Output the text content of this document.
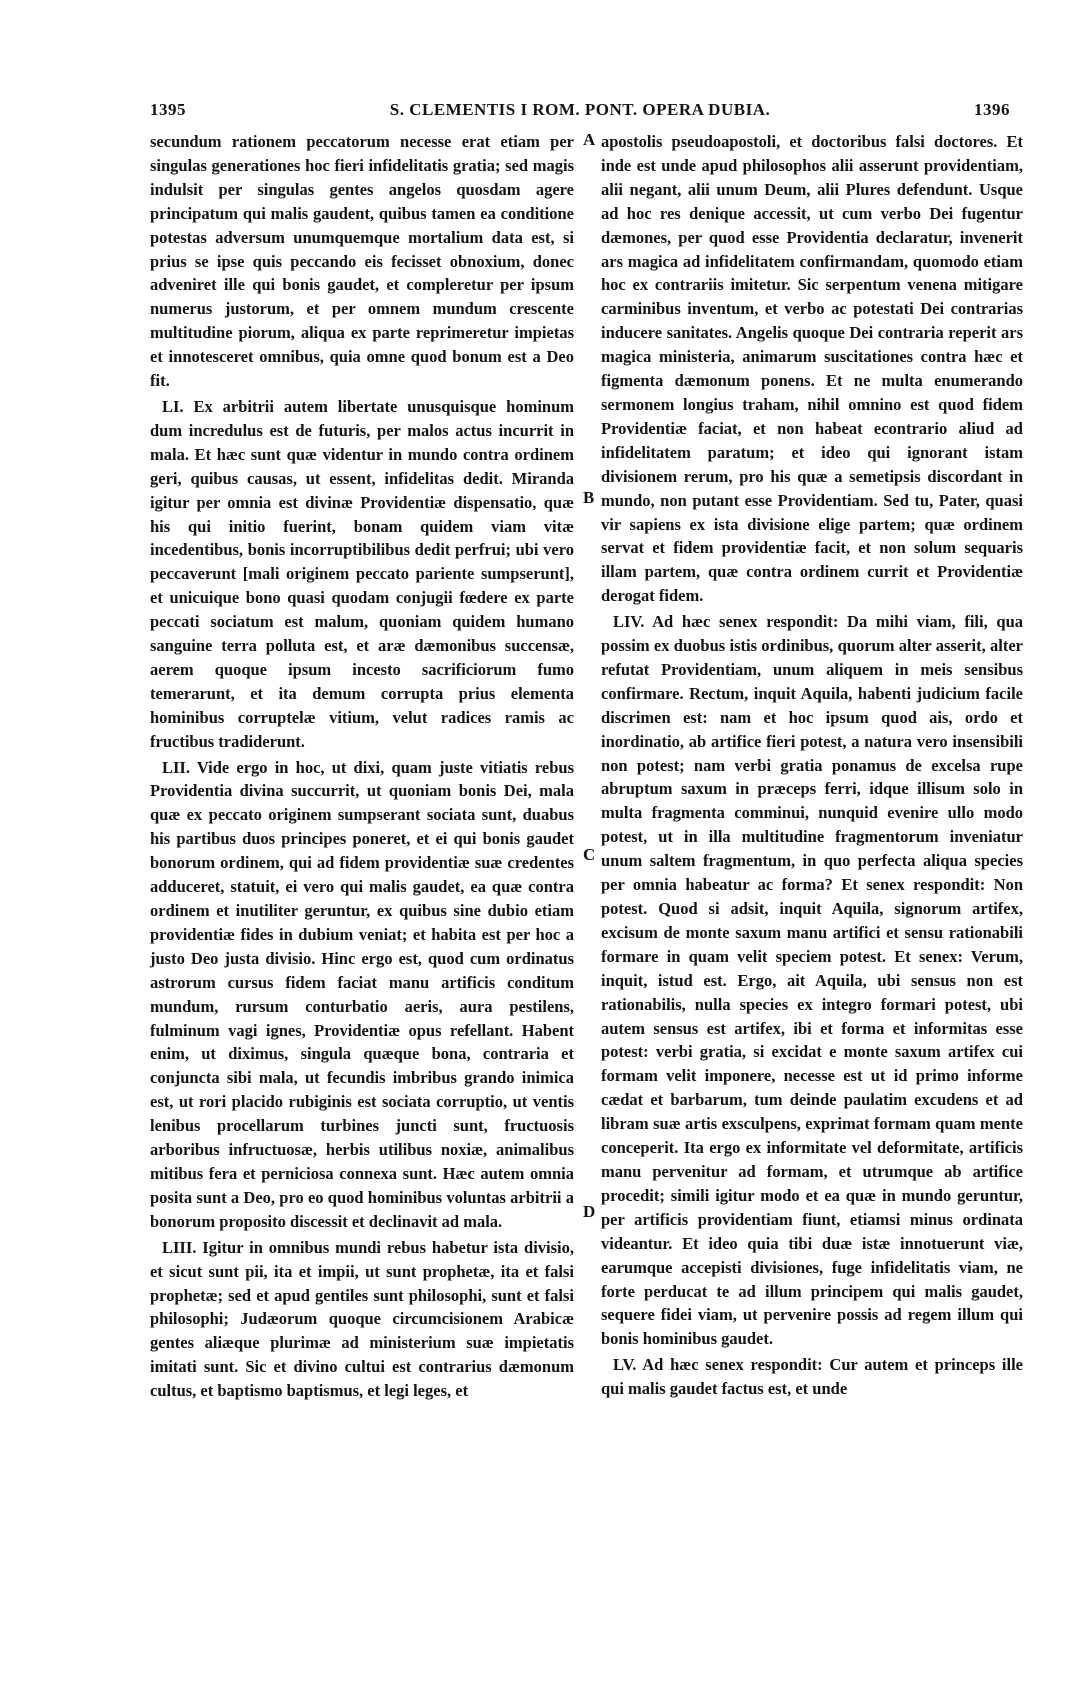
1395	S. CLEMENTIS I ROM. PONT. OPERA DUBIA.	1396
A
B
C
D

secundum rationem peccatorum necesse erat etiam per singulas generationes hoc fieri infidelitatis gratia; sed magis indulsit per singulas gentes angelos quosdam agere principatum qui malis gaudent, quibus tamen ea conditione potestas adversum unumquemque mortalium data est, si prius se ipse quis peccando eis fecisset obnoxium, donec adveniret ille qui bonis gaudet, et compleretur per ipsum numerus justorum, et per omnem mundum crescente multitudine piorum, aliqua ex parte reprimeretur impietas et innotesceret omnibus, quia omne quod bonum est a Deo fit.

LI. Ex arbitrii autem libertate unusquisque hominum dum incredulus est de futuris, per malos actus incurrit in mala. Et hæc sunt quæ videntur in mundo contra ordinem geri, quibus causas, ut essent, infidelitas dedit. Miranda igitur per omnia est divinæ Providentiæ dispensatio, quæ his qui initio fuerint, bonam quidem viam vitæ incedentibus, bonis incorruptibilibus dedit perfrui; ubi vero peccaverunt [mali originem peccato pariente sumpserunt], et unicuique bono quasi quodam conjugii fœdere ex parte peccati sociatum est malum, quoniam quidem humano sanguine terra polluta est, et aræ dæmonibus succensæ, aerem quoque ipsum incesto sacrificiorum fumo temerarunt, et ita demum corrupta prius elementa hominibus corruptelæ vitium, velut radices ramis ac fructibus tradiderunt.

LII. Vide ergo in hoc, ut dixi, quam juste vitiatis rebus Providentia divina succurrit, ut quoniam bonis Dei, mala quæ ex peccato originem sumpserant sociata sunt, duabus his partibus duos principes poneret, et ei qui bonis gaudet bonorum ordinem, qui ad fidem providentiæ suæ credentes adduceret, statuit, ei vero qui malis gaudet, ea quæ contra ordinem et inutiliter geruntur, ex quibus sine dubio etiam providentiæ fides in dubium veniat; et habita est per hoc a justo Deo justa divisio. Hinc ergo est, quod cum ordinatus astrorum cursus fidem faciat manu artificis conditum mundum, rursum conturbatio aeris, aura pestilens, fulminum vagi ignes, Providentiæ opus refellant. Habent enim, ut diximus, singula quæque bona, contraria et conjuncta sibi mala, ut fecundis imbribus grando inimica est, ut rori placido rubiginis est sociata corruptio, ut ventis lenibus procellarum turbines juncti sunt, fructuosis arboribus infructuosæ, herbis utilibus noxiæ, animalibus mitibus fera et perniciosa connexa sunt. Hæc autem omnia posita sunt a Deo, pro eo quod hominibus voluntas arbitrii a bonorum proposito discessit et declinavit ad mala.

LIII. Igitur in omnibus mundi rebus habetur ista divisio, et sicut sunt pii, ita et impii, ut sunt prophetæ, ita et falsi prophetæ; sed et apud gentiles sunt philosophi, sunt et falsi philosophi; Judæorum quoque circumcisionem Arabicæ gentes aliæque plurimæ ad ministerium suæ impietatis imitati sunt. Sic et divino cultui est contrarius dæmonum cultus, et baptismo baptismus, et legi leges, et

apostolis pseudoapostoli, et doctoribus falsi doctores. Et inde est unde apud philosophos alii asserunt providentiam, alii negant, alii unum Deum, alii Plures defendunt. Usque ad hoc res denique accessit, ut cum verbo Dei fugentur dæmones, per quod esse Providentia declaratur, invenerit ars magica ad infidelitatem confirmandam, quomodo etiam hoc ex contrariis imitetur. Sic serpentum venena mitigare carminibus inventum, et verbo ac potestati Dei contrarias inducere sanitates. Angelis quoque Dei contraria reperit ars magica ministeria, animarum suscitationes contra hæc et figmenta dæmonum ponens. Et ne multa enumerando sermonem longius traham, nihil omnino est quod fidem Providentiæ faciat, et non habeat econtrario aliud ad infidelitatem paratum; et ideo qui ignorant istam divisionem rerum, pro his quæ a semetipsis discordant in mundo, non putant esse Providentiam. Sed tu, Pater, quasi vir sapiens ex ista divisione elige partem; quæ ordinem servat et fidem providentiæ facit, et non solum sequaris illam partem, quæ contra ordinem currit et Providentiæ derogat fidem.

LIV. Ad hæc senex respondit: Da mihi viam, fili, qua possim ex duobus istis ordinibus, quorum alter asserit, alter refutat Providentiam, unum aliquem in meis sensibus confirmare. Rectum, inquit Aquila, habenti judicium facile discrimen est: nam et hoc ipsum quod ais, ordo et inordinatio, ab artifice fieri potest, a natura vero insensibili non potest; nam verbi gratia ponamus de excelsa rupe abruptum saxum in præceps ferri, idque illisum solo in multa fragmenta comminui, nunquid evenire ullo modo potest, ut in illa multitudine fragmentorum inveniatur unum saltem fragmentum, in quo perfecta aliqua species per omnia habeatur ac forma? Et senex respondit: Non potest. Quod si adsit, inquit Aquila, signorum artifex, excisum de monte saxum manu artifici et sensu rationabili formare in quam velit speciem potest. Et senex: Verum, inquit, istud est. Ergo, ait Aquila, ubi sensus non est rationabilis, nulla species ex integro formari potest, ubi autem sensus est artifex, ibi et forma et informitas esse potest: verbi gratia, si excidat e monte saxum artifex cui formam velit imponere, necesse est ut id primo informe cædat et barbarum, tum deinde paulatim excudens et ad libram suæ artis exsculpens, exprimat formam quam mente conceperit. Ita ergo ex informitate vel deformitate, artificis manu pervenitur ad formam, et utrumque ab artifice procedit; simili igitur modo et ea quæ in mundo geruntur, per artificis providentiam fiunt, etiamsi minus ordinata videantur. Et ideo quia tibi duæ istæ innotuerunt viæ, earumque accepisti divisiones, fuge infidelitatis viam, ne forte perducat te ad illum principem qui malis gaudet, sequere fidei viam, ut pervenire possis ad regem illum qui bonis hominibus gaudet.

LV. Ad hæc senex respondit: Cur autem et princeps ille qui malis gaudet factus est, et unde
